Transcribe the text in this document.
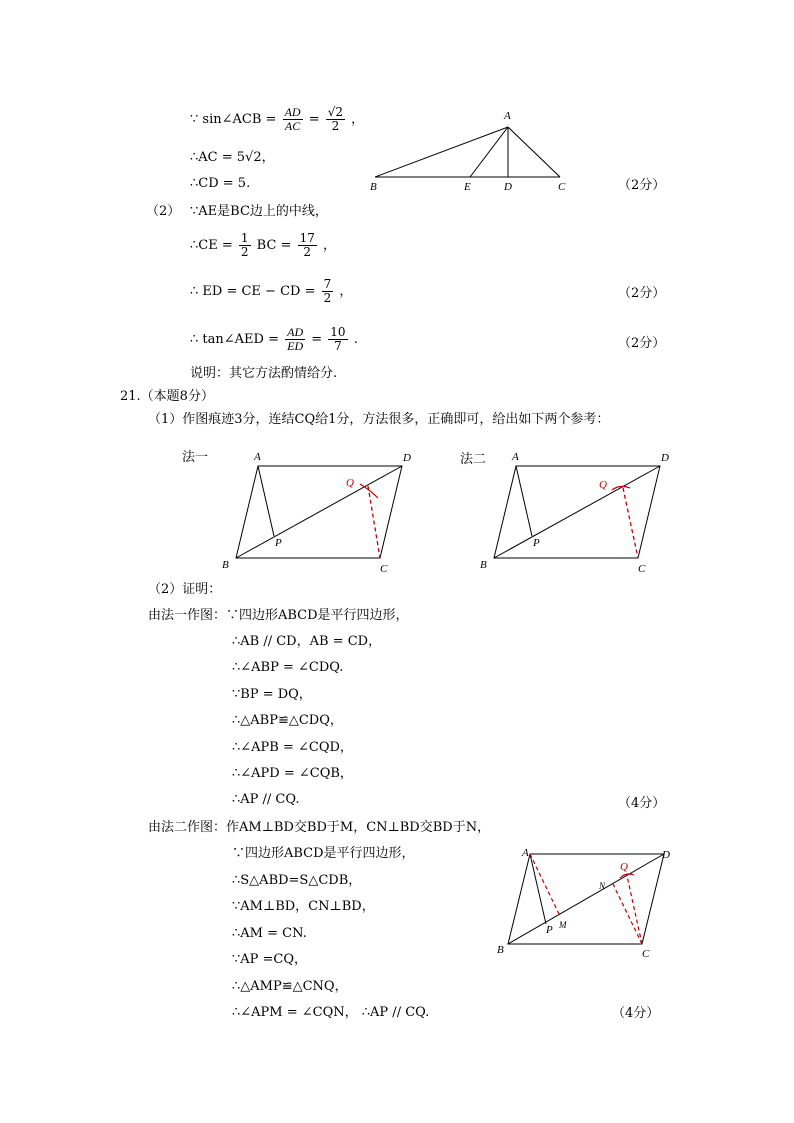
∵ sin∠ACB = $\frac{AD}{AC} = \frac{√2}{2}$ ，
∴AC = 5√2，
∴CD = 5.	（2分）
A
B	E	D	C
（2） ∵AE是BC边上的中线，
∴CE = $\frac{1}{2}$ BC = $\frac{17}{2}$ ，
∴ ED = CE − CD = $\frac{7}{2}$ ，	（2分）
∴ tan∠AED = $\frac{AD}{ED} = \frac{10}{7}$ .	（2分）
说明：其它方法酌情给分.
21.（本题8分）
（1）作图痕迹3分，连结CQ给1分，方法很多，正确即可，给出如下两个参考：
法一	法二
A	D
B	C
P
Q
A	D
B	C
P
Q
（2）证明：
由法一作图：∵四边形ABCD是平行四边形，
∴AB // CD，AB = CD，
∴∠ABP = ∠CDQ.
∵BP = DQ，
∴△ABP≌△CDQ，
∴∠APB = ∠CQD，
∴∠APD = ∠CQB，
∴AP // CQ.	（4分）
由法二作图：作AM⊥BD交BD于M，CN⊥BD交BD于N，
∵四边形ABCD是平行四边形，
∴S△ABD=S△CDB，
∵AM⊥BD，CN⊥BD，
∴AM = CN.
∵AP =CQ，
∴△AMP≌△CNQ，
∴∠APM = ∠CQN， ∴AP // CQ.	（4分）
A	D
B	C
P M
N
Q
